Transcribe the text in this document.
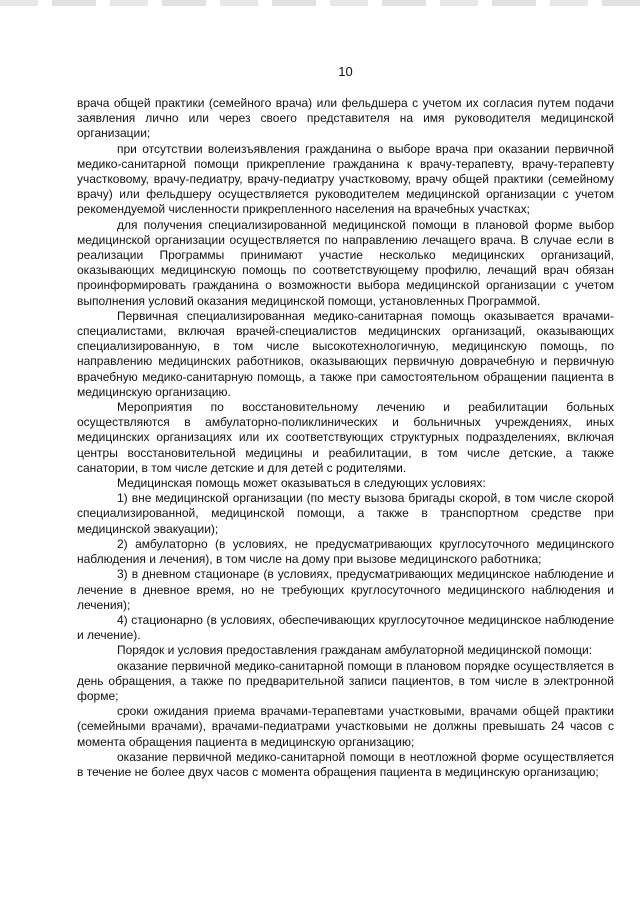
10

врача общей практики (семейного врача) или фельдшера с учетом их согласия путем подачи заявления лично или через своего представителя на имя руководителя медицинской организации;

при отсутствии волеизъявления гражданина о выборе врача при оказании первичной медико-санитарной помощи прикрепление гражданина к врачу-терапевту, врачу-терапевту участковому, врачу-педиатру, врачу-педиатру участковому, врачу общей практики (семейному врачу) или фельдшеру осуществляется руководителем медицинской организации с учетом рекомендуемой численности прикрепленного населения на врачебных участках;

для получения специализированной медицинской помощи в плановой форме выбор медицинской организации осуществляется по направлению лечащего врача. В случае если в реализации Программы принимают участие несколько медицинских организаций, оказывающих медицинскую помощь по соответствующему профилю, лечащий врач обязан проинформировать гражданина о возможности выбора медицинской организации с учетом выполнения условий оказания медицинской помощи, установленных Программой.

Первичная специализированная медико-санитарная помощь оказывается врачами-специалистами, включая врачей-специалистов медицинских организаций, оказывающих специализированную, в том числе высокотехнологичную, медицинскую помощь, по направлению медицинских работников, оказывающих первичную доврачебную и первичную врачебную медико-санитарную помощь, а также при самостоятельном обращении пациента в медицинскую организацию.

Мероприятия по восстановительному лечению и реабилитации больных осуществляются в амбулаторно-поликлинических и больничных учреждениях, иных медицинских организациях или их соответствующих структурных подразделениях, включая центры восстановительной медицины и реабилитации, в том числе детские, а также санатории, в том числе детские и для детей с родителями.

Медицинская помощь может оказываться в следующих условиях:

1) вне медицинской организации (по месту вызова бригады скорой, в том числе скорой специализированной, медицинской помощи, а также в транспортном средстве при медицинской эвакуации);

2) амбулаторно (в условиях, не предусматривающих круглосуточного медицинского наблюдения и лечения), в том числе на дому при вызове медицинского работника;

3) в дневном стационаре (в условиях, предусматривающих медицинское наблюдение и лечение в дневное время, но не требующих круглосуточного медицинского наблюдения и лечения);

4) стационарно (в условиях, обеспечивающих круглосуточное медицинское наблюдение и лечение).

Порядок и условия предоставления гражданам амбулаторной медицинской помощи:

оказание первичной медико-санитарной помощи в плановом порядке осуществляется в день обращения, а также по предварительной записи пациентов, в том числе в электронной форме;

сроки ожидания приема врачами-терапевтами участковыми, врачами общей практики (семейными врачами), врачами-педиатрами участковыми не должны превышать 24 часов с момента обращения пациента в медицинскую организацию;

оказание первичной медико-санитарной помощи в неотложной форме осуществляется в течение не более двух часов с момента обращения пациента в медицинскую организацию;
